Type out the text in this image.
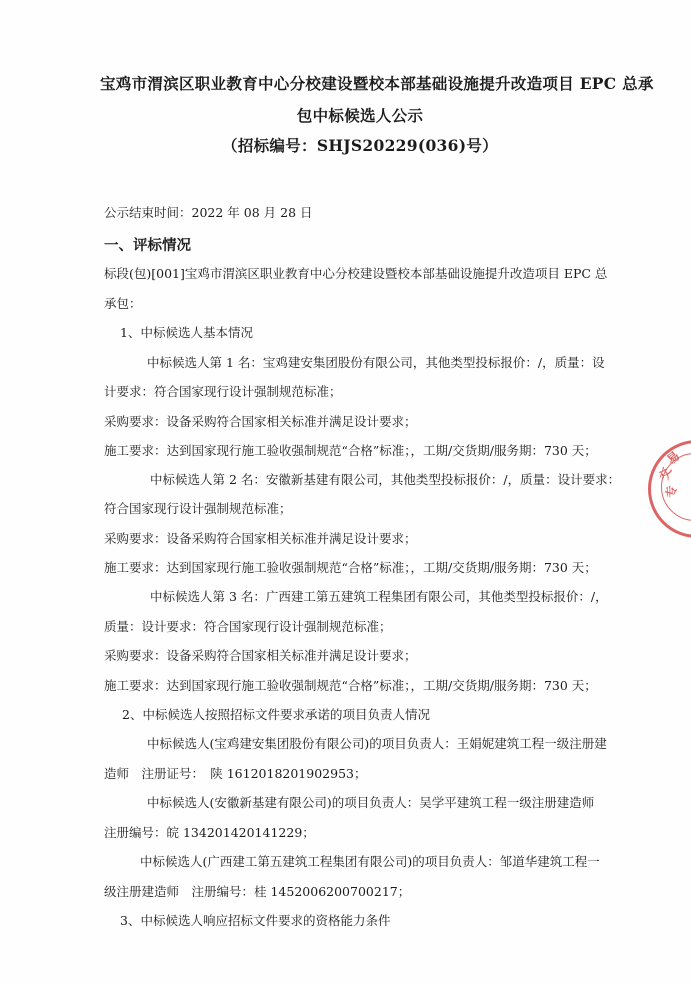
宝鸡市渭滨区职业教育中心分校建设暨校本部基础设施提升改造项目 EPC 总承
包中标候选人公示
（招标编号：SHJS20229(036)号）
公示结束时间：2022 年 08 月 28 日
一、评标情况
标段(包)[001]宝鸡市渭滨区职业教育中心分校建设暨校本部基础设施提升改造项目 EPC 总
承包：
1、中标候选人基本情况
中标候选人第 1 名：宝鸡建安集团股份有限公司，其他类型投标报价：/，质量：设
计要求：符合国家现行设计强制规范标准；
采购要求：设备采购符合国家相关标准并满足设计要求；
施工要求：达到国家现行施工验收强制规范“合格”标准；，工期/交货期/服务期：730 天；
中标候选人第 2 名：安徽新基建有限公司，其他类型投标报价：/，质量：设计要求：
符合国家现行设计强制规范标准；
采购要求：设备采购符合国家相关标准并满足设计要求；
施工要求：达到国家现行施工验收强制规范“合格”标准；，工期/交货期/服务期：730 天；
中标候选人第 3 名：广西建工第五建筑工程集团有限公司，其他类型投标报价：/，
质量：设计要求：符合国家现行设计强制规范标准；
采购要求：设备采购符合国家相关标准并满足设计要求；
施工要求：达到国家现行施工验收强制规范“合格”标准；，工期/交货期/服务期：730 天；
2、中标候选人按照招标文件要求承诺的项目负责人情况
中标候选人(宝鸡建安集团股份有限公司)的项目负责人：王娟妮建筑工程一级注册建
造师　注册证号：　陕 1612018201902953；
中标候选人(安徽新基建有限公司)的项目负责人：吴学平建筑工程一级注册建造师
注册编号：皖 134201420141229；
中标候选人(广西建工第五建筑工程集团有限公司)的项目负责人：邹道华建筑工程一
级注册建造师　注册编号：桂 1452006200700217；
3、中标候选人响应招标文件要求的资格能力条件
交
易
专
